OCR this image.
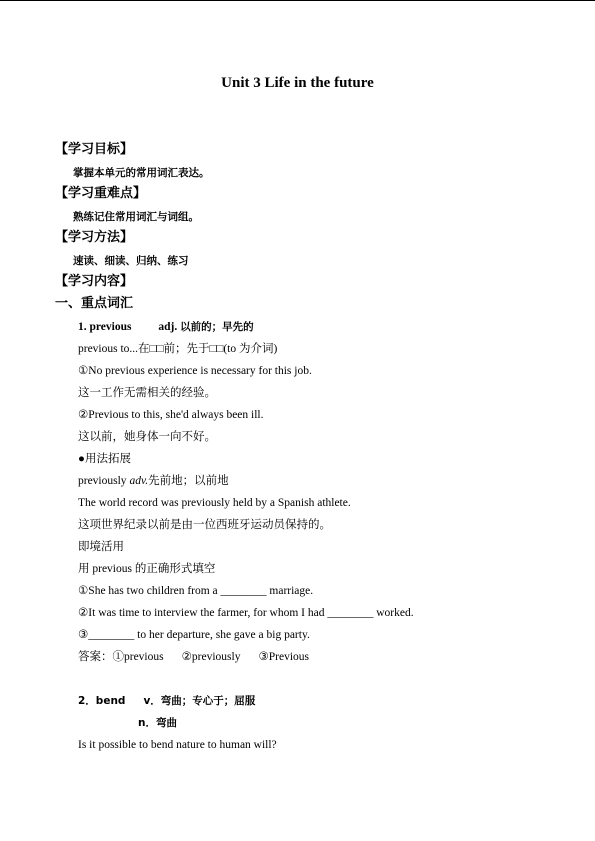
Unit 3 Life in the future
【学习目标】
掌握本单元的常用词汇表达。
【学习重难点】
熟练记住常用词汇与词组。
【学习方法】
速读、细读、归纳、练习
【学习内容】
一、重点词汇
1. previous adj. 以前的；早先的
previous to...在□□前；先于□□(to 为介词)
①No previous experience is necessary for this job.
这一工作无需相关的经验。
②Previous to this, she'd always been ill.
这以前，她身体一向不好。
●用法拓展
previously adv.先前地；以前地
The world record was previously held by a Spanish athlete.
这项世界纪录以前是由一位西班牙运动员保持的。
即境活用
用 previous 的正确形式填空
①She has two children from a ________ marriage.
②It was time to interview the farmer, for whom I had ________ worked.
③________ to her departure, she gave a big party.
答案：①previous ②previously ③Previous
2．bend v．弯曲；专心于；屈服
n．弯曲
Is it possible to bend nature to human will?
